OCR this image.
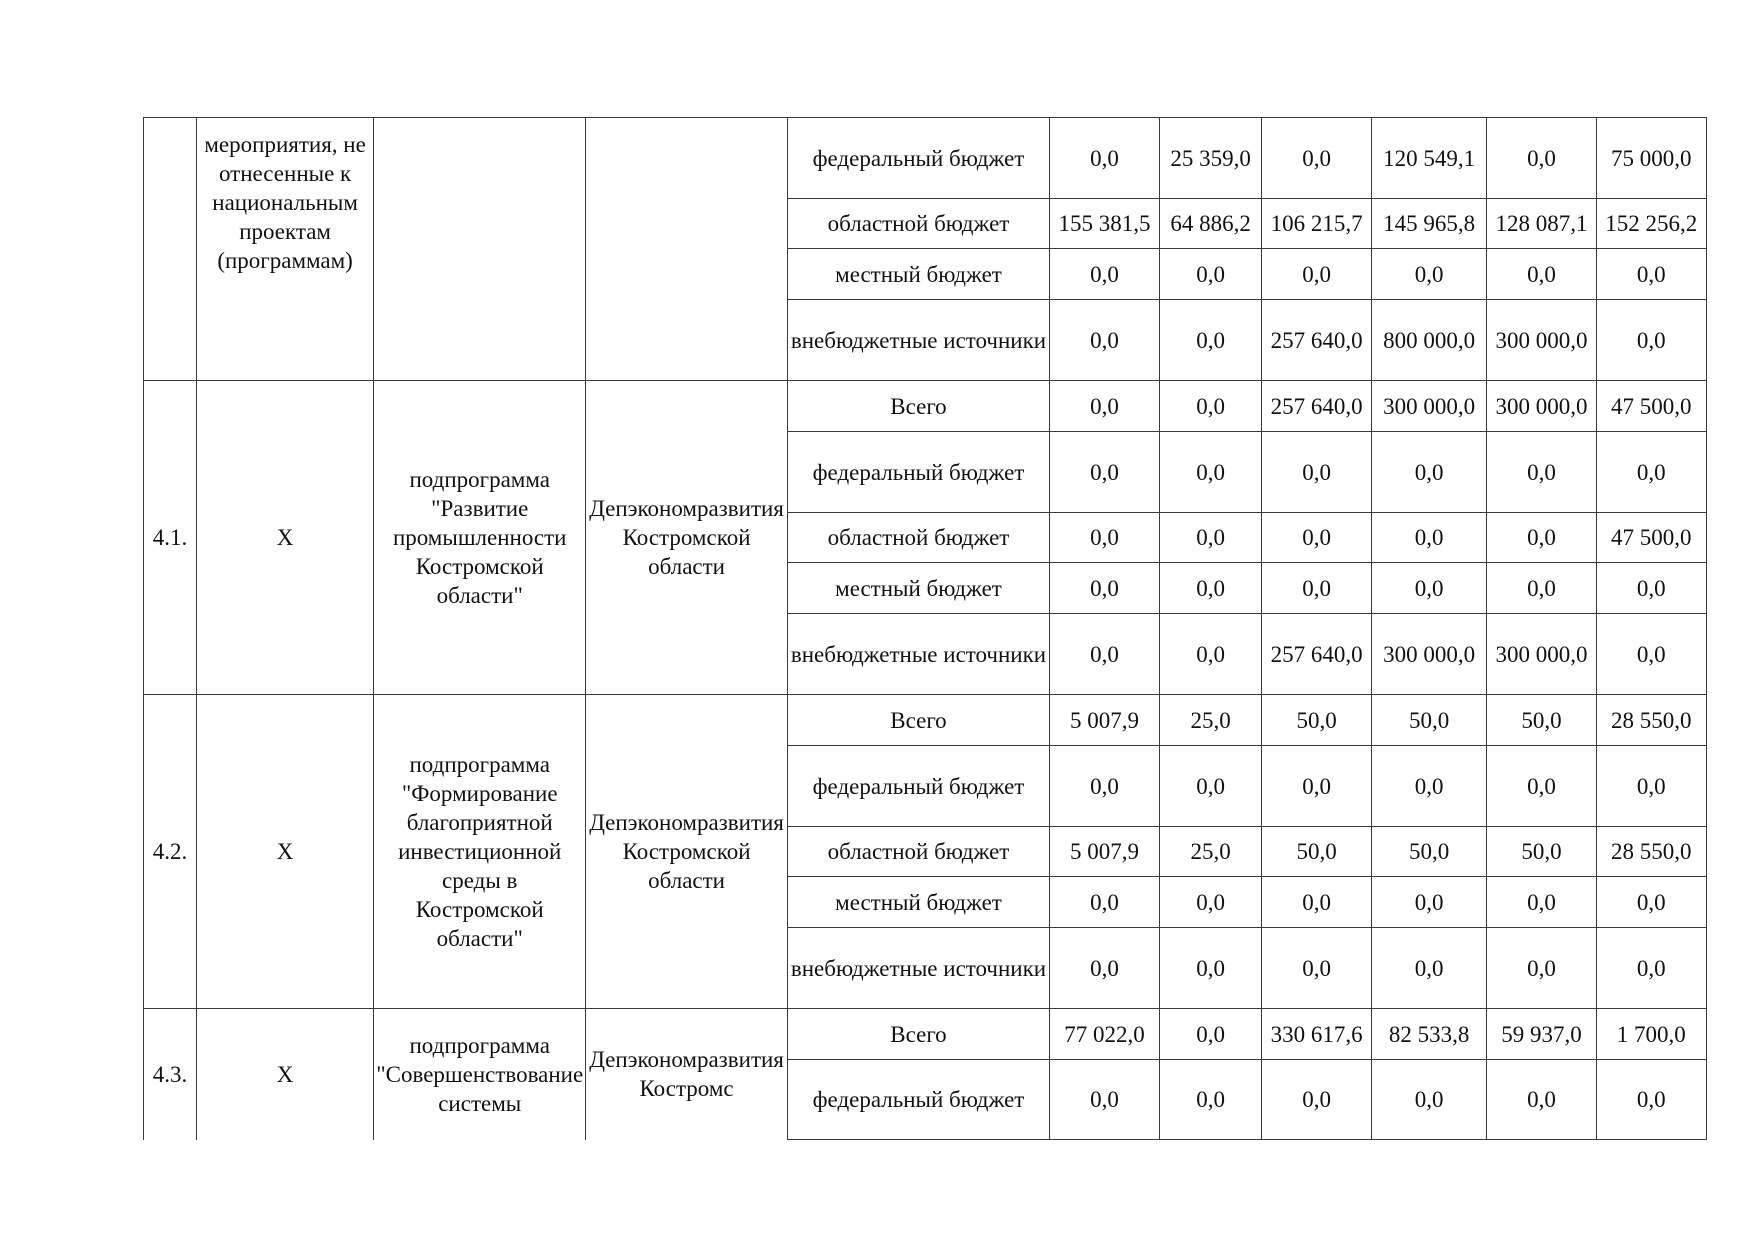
	мероприятия, не отнесенные к национальным проектам (программам)			федеральный бюджет	0,0	25 359,0	0,0	120 549,1	0,0	75 000,0
				областной бюджет	155 381,5	64 886,2	106 215,7	145 965,8	128 087,1	152 256,2
				местный бюджет	0,0	0,0	0,0	0,0	0,0	0,0
				внебюджетные источники	0,0	0,0	257 640,0	800 000,0	300 000,0	0,0
4.1.	X	подпрограмма "Развитие промышленности Костромской области"	Депэкономразвития Костромской области	Всего	0,0	0,0	257 640,0	300 000,0	300 000,0	47 500,0
				федеральный бюджет	0,0	0,0	0,0	0,0	0,0	0,0
				областной бюджет	0,0	0,0	0,0	0,0	0,0	47 500,0
				местный бюджет	0,0	0,0	0,0	0,0	0,0	0,0
				внебюджетные источники	0,0	0,0	257 640,0	300 000,0	300 000,0	0,0
4.2.	X	подпрограмма "Формирование благоприятной инвестиционной среды в Костромской области"	Депэкономразвития Костромской области	Всего	5 007,9	25,0	50,0	50,0	50,0	28 550,0
				федеральный бюджет	0,0	0,0	0,0	0,0	0,0	0,0
				областной бюджет	5 007,9	25,0	50,0	50,0	50,0	28 550,0
				местный бюджет	0,0	0,0	0,0	0,0	0,0	0,0
				внебюджетные источники	0,0	0,0	0,0	0,0	0,0	0,0
4.3.	X	подпрограмма "Совершенствование системы	Депэкономразвития Костромс	Всего	77 022,0	0,0	330 617,6	82 533,8	59 937,0	1 700,0
				федеральный бюджет	0,0	0,0	0,0	0,0	0,0	0,0
